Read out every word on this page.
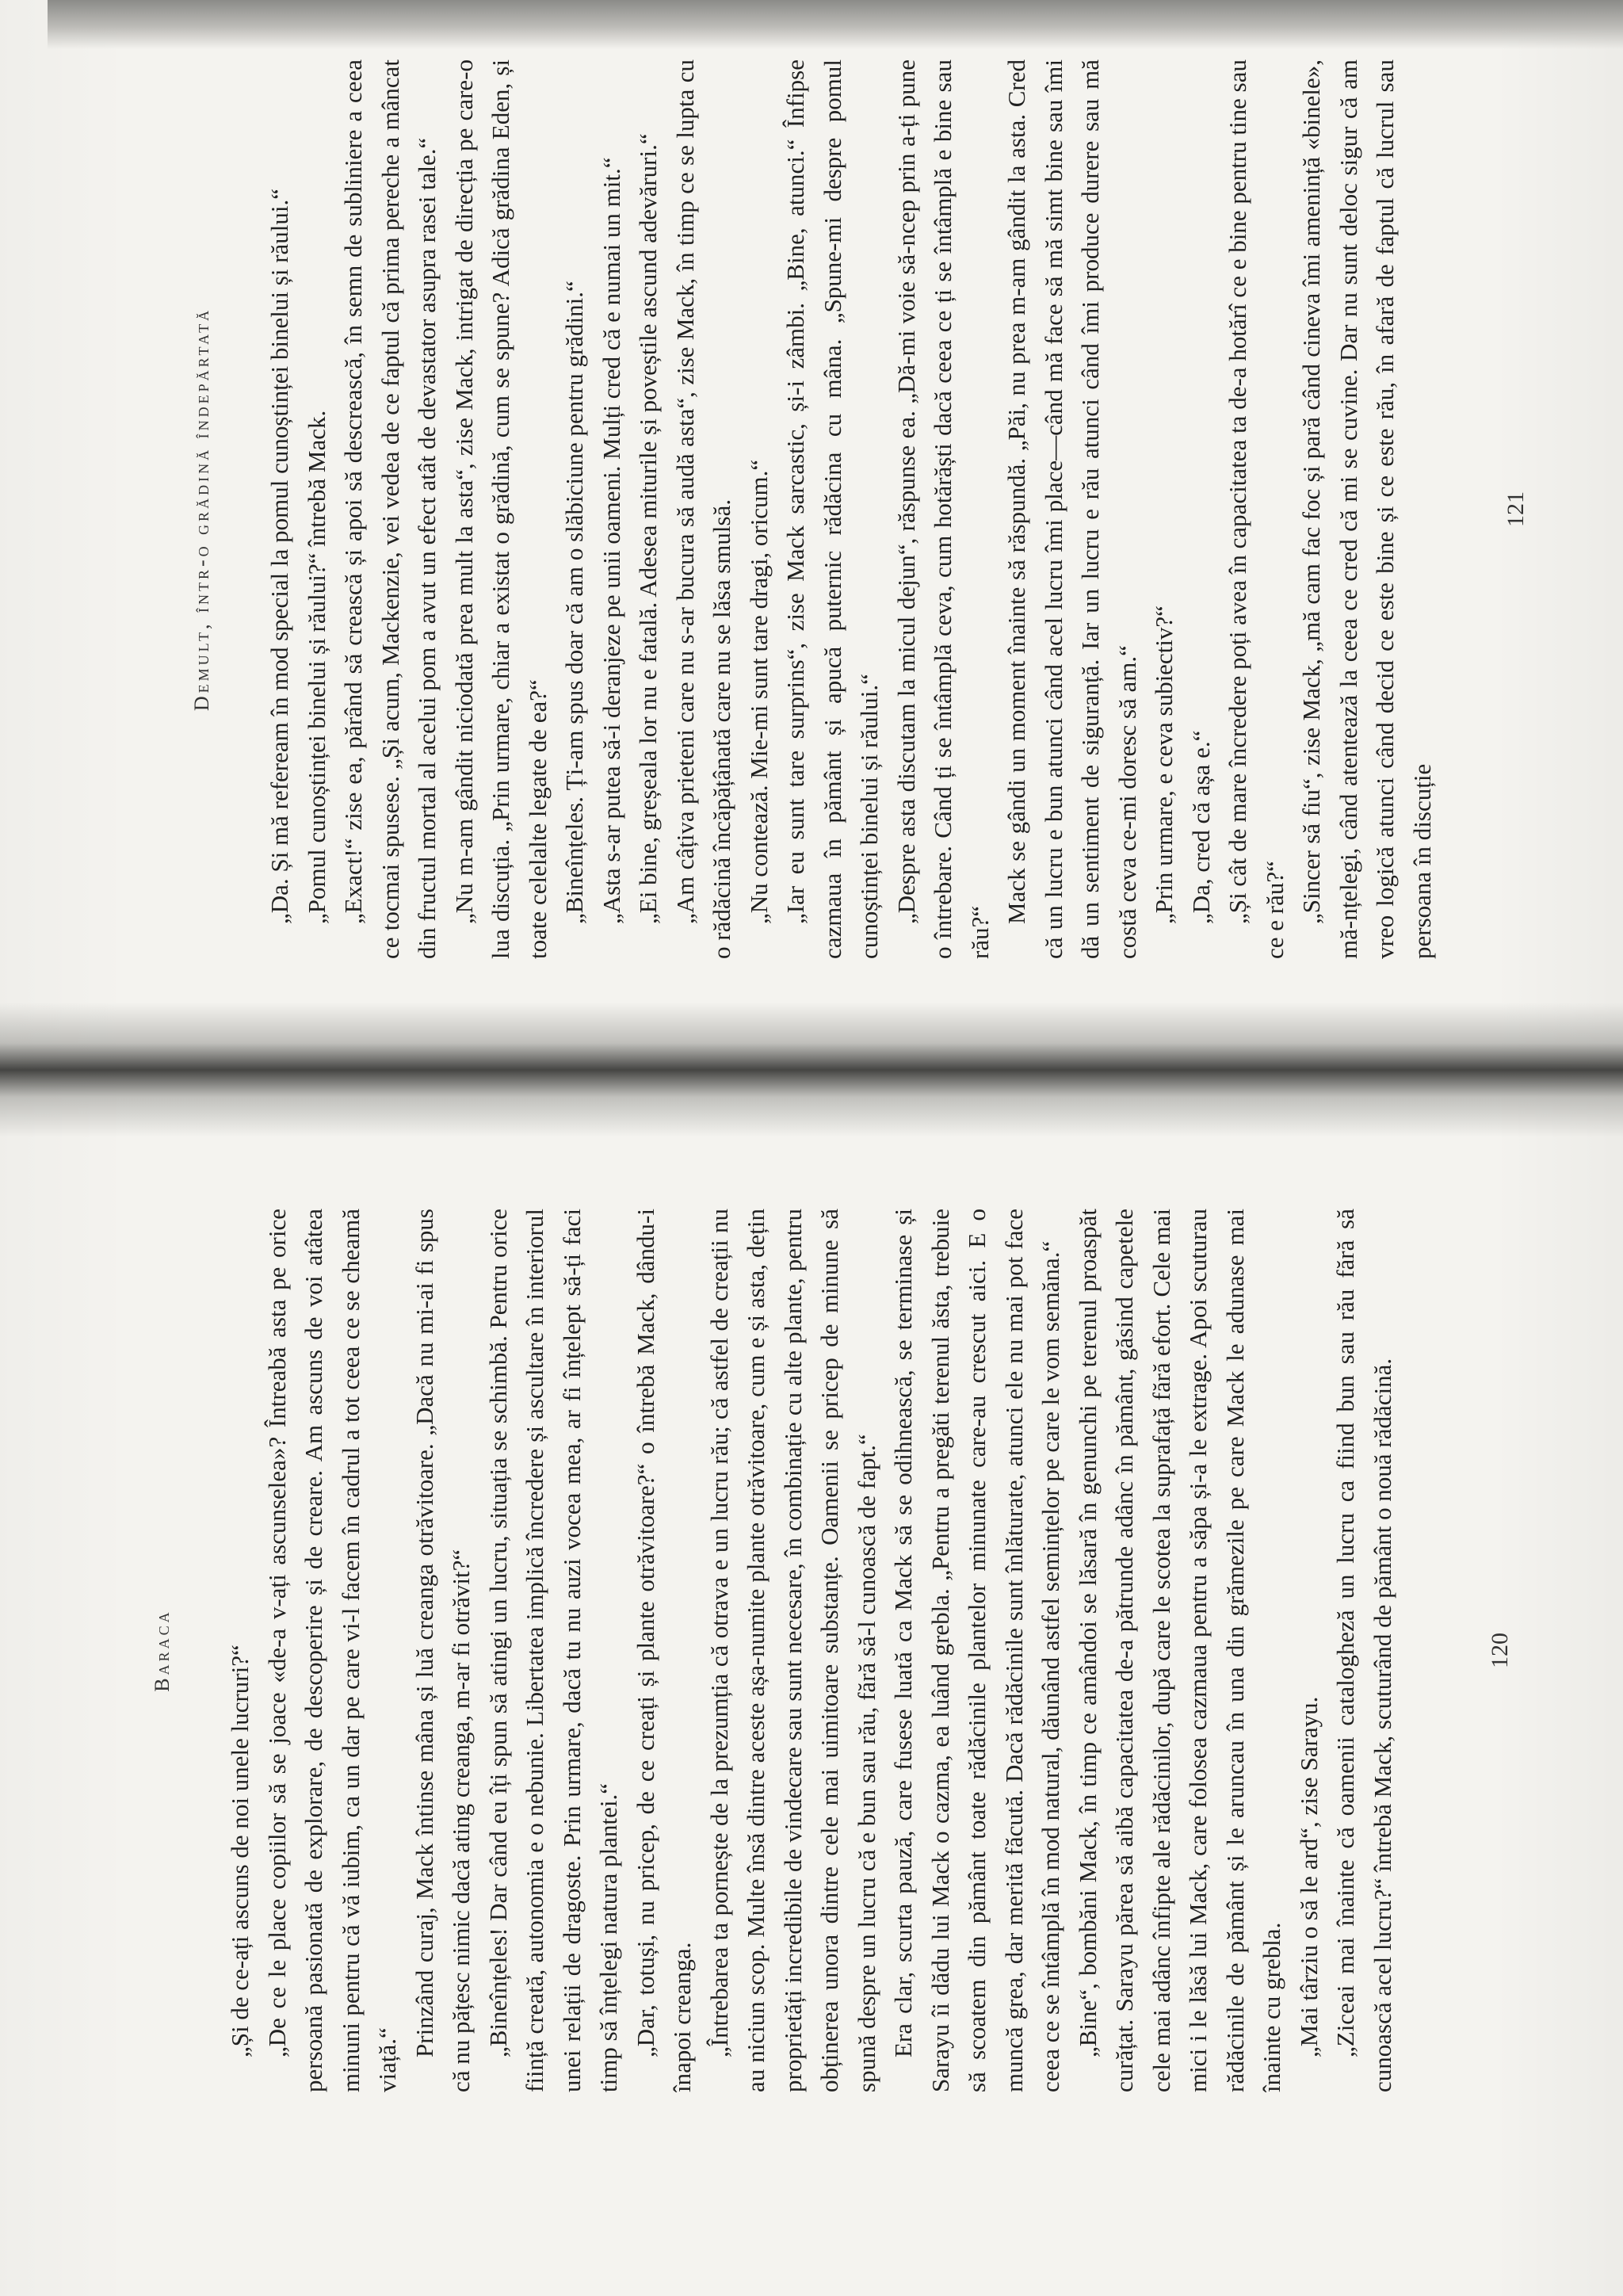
Baraca „Și de ce-ați ascuns de noi unele lucruri?“ „De ce le place copiilor să se joace «de-a v-ați ascunselea»? Întreabă asta pe orice persoană pasionată de explorare, de descoperire și de creare. Am ascuns de voi atâtea minuni pentru că vă iubim, ca un dar pe care vi-l facem în cadrul a tot ceea ce se cheamă viață.“

Prinzând curaj, Mack întinse mâna și luă creanga otrăvitoare. „Dacă nu mi-ai fi spus că nu pățesc nimic dacă ating creanga, m-ar fi otrăvit?“ „Bineînțeles! Dar când eu îți spun să atingi un lucru, situația se schimbă. Pentru orice ființă creată, autonomia e o nebunie. Libertatea implică încredere și ascultare în interiorul unei relații de dragoste. Prin urmare, dacă tu nu auzi vocea mea, ar fi înțelept să-ți faci timp să înțelegi natura plantei.“ „Dar, totuși, nu pricep, de ce creați și plante otrăvitoare?“ o întrebă Mack, dându-i înapoi creanga. „Întrebarea ta pornește de la prezumția că otrava e un lucru rău; că astfel de creații nu au niciun scop. Multe însă dintre aceste așa-numite plante otrăvitoare, cum e și asta, dețin proprietăți incredibile de vindecare sau sunt necesare, în combinație cu alte plante, pentru obținerea unora dintre cele mai uimitoare substanțe. Oamenii se pricep de minune să spună despre un lucru că e bun sau rău, fără să-l cunoască de fapt.“ Era clar, scurta pauză, care fusese luată ca Mack să se odihnească, se terminase și Sarayu îi dădu lui Mack o cazma, ea luând grebla. „Pentru a pregăti terenul ăsta, trebuie să scoatem din pământ toate rădăcinile plantelor minunate care-au crescut aici. E o muncă grea, dar merită făcută. Dacă rădăcinile sunt înlăturate, atunci ele nu mai pot face ceea ce se întâmplă în mod natural, dăunând astfel semințelor pe care le vom semăna.“ „Bine“, bombăni Mack, în timp ce amândoi se lăsară în genunchi pe terenul proaspăt curățat. Sarayu părea să aibă capacitatea de-a pătrunde adânc în pământ, găsind capetele cele mai adânc înfipte ale rădăcinilor, după care le scotea la suprafață fără efort. Cele mai mici i le lăsă lui Mack, care folosea cazmaua pentru a săpa și-a le extrage. Apoi scuturau rădăcinile de pământ și le aruncau în una din grămezile pe care Mack le adunase mai înainte cu grebla. „Mai târziu o să le ard“, zise Sarayu. „Ziceai mai înainte că oamenii catalogheză un lucru ca fiind bun sau rău fără să cunoască acel lucru?“ întrebă Mack, scuturând de pământ o nouă rădăcină.	120
Demult, într-o grădină îndepărtată „Da. Și mă refeream în mod special la pomul cunoștinței binelui și răului.“ „Pomul cunoștinței binelui și răului?“ întrebă Mack. „Exact!“ zise ea, părând să crească și apoi să descrească, în semn de subliniere a ceea ce tocmai spusese. „Și acum, Mackenzie, vei vedea de ce faptul că prima pereche a mâncat din fructul mortal al acelui pom a avut un efect atât de devastator asupra rasei tale.“ „Nu m-am gândit niciodată prea mult la asta“, zise Mack, intrigat de direcția pe care-o lua discuția. „Prin urmare, chiar a existat o grădină, cum se spune? Adică grădina Eden, și toate celelalte legate de ea?“ „Bineînțeles. Ți-am spus doar că am o slăbiciune pentru grădini.“ „Asta s-ar putea să-i deranjeze pe unii oameni. Mulți cred că e numai un mit.“ „Ei bine, greșeala lor nu e fatală. Adesea miturile și poveștile ascund adevăruri.“ „Am câțiva prieteni care nu s-ar bucura să audă asta“, zise Mack, în timp ce se lupta cu o rădăcină încăpățânată care nu se lăsa smulsă. „Nu contează. Mie-mi sunt tare dragi, oricum.“ „Iar eu sunt tare surprins“, zise Mack sarcastic, și-i zâmbi. „Bine, atunci.“ Înfipse cazmaua în pământ și apucă puternic rădăcina cu mâna. „Spune-mi despre pomul cunoștinței binelui și răului.“ „Despre asta discutam la micul dejun“, răspunse ea. „Dă-mi voie să-ncep prin a-ți pune o întrebare. Când ți se întâmplă ceva, cum hotărăști dacă ceea ce ți se întâmplă e bine sau rău?“

Mack se gândi un moment înainte să răspundă. „Păi, nu prea m-am gândit la asta. Cred că un lucru e bun atunci când acel lucru îmi place—când mă face să mă simt bine sau îmi dă un sentiment de siguranță. Iar un lucru e rău atunci când îmi produce durere sau mă costă ceva ce-mi doresc să am.“ „Prin urmare, e ceva subiectiv?“ „Da, cred că așa e.“ „Și cât de mare încredere poți avea în capacitatea ta de-a hotărî ce e bine pentru tine sau ce e rău?“ „Sincer să fiu“, zise Mack, „mă cam fac foc și pară când cineva îmi amenință «binele», mă-nțelegi, când atentează la ceea ce cred că mi se cuvine. Dar nu sunt deloc sigur că am vreo logică atunci când decid ce este bine și ce este rău, în afară de faptul că lucrul sau persoana în discuție

121
